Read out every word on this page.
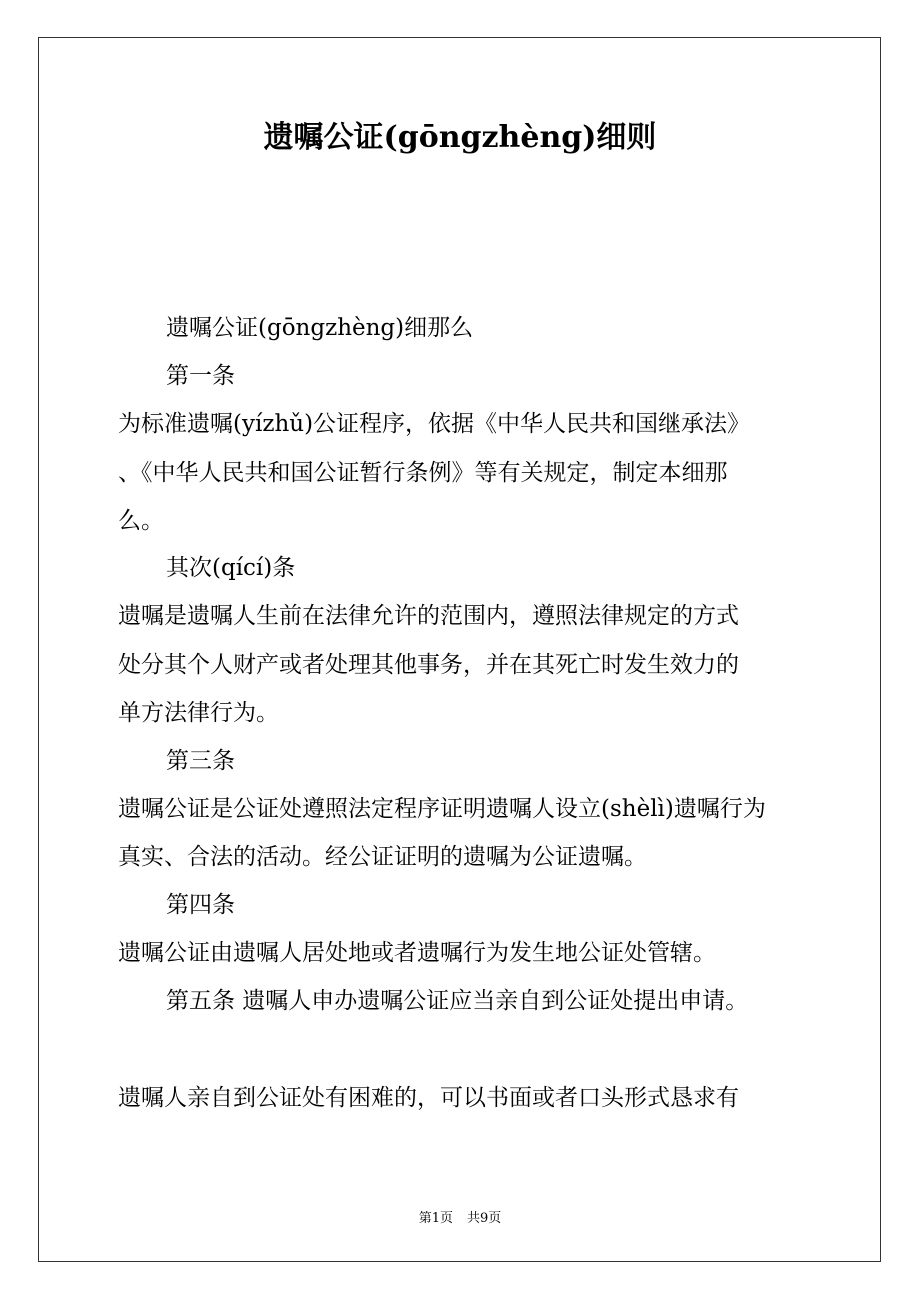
遗嘱公证(gōngzhèng)细则

遗嘱公证(gōngzhèng)细那么

第一条

为标准遗嘱(yízhǔ)公证程序，依据《中华人民共和国继承法》

、《中华人民共和国公证暂行条例》等有关规定，制定本细那

么。

其次(qící)条

遗嘱是遗嘱人生前在法律允许的范围内，遵照法律规定的方式

处分其个人财产或者处理其他事务，并在其死亡时发生效力的

单方法律行为。

第三条

遗嘱公证是公证处遵照法定程序证明遗嘱人设立(shèlì)遗嘱行为

真实、合法的活动。经公证证明的遗嘱为公证遗嘱。

第四条

遗嘱公证由遗嘱人居处地或者遗嘱行为发生地公证处管辖。

第五条 遗嘱人申办遗嘱公证应当亲自到公证处提出申请。

遗嘱人亲自到公证处有困难的，可以书面或者口头形式恳求有

第1页 共9页
